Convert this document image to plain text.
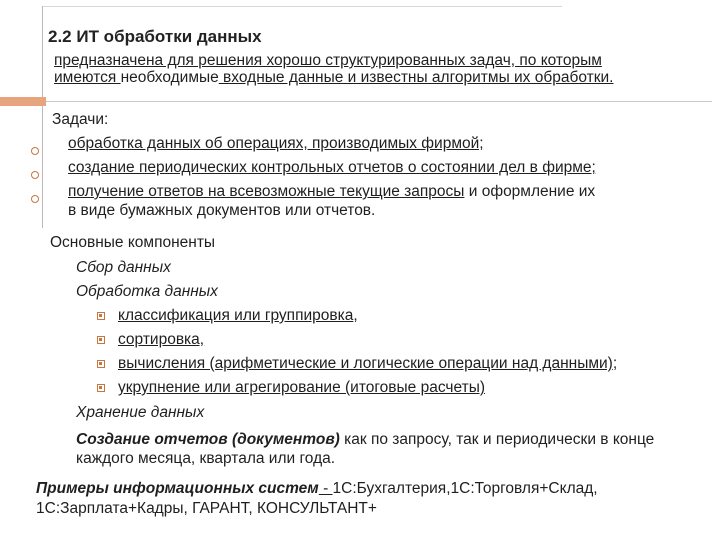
2.2 ИТ обработки данных
предназначена для решения хорошо структурированных задач, по которым
имеются необходимые входные данные и известны алгоритмы их обработки.
Задачи:
обработка данных об операциях, производимых фирмой;
создание периодических контрольных отчетов о состоянии дел в фирме;
получение ответов на всевозможные текущие запросы и оформление их
в виде бумажных документов или отчетов.
Основные компоненты
Сбор данных
Обработка данных
классификация или группировка,
сортировка,
вычисления (арифметические и логические операции над данными);
укрупнение или агрегирование (итоговые расчеты)
Хранение данных
Создание отчетов (документов) как по запросу, так и периодически в конце каждого месяца, квартала или года.
Примеры информационных систем - 1С:Бухгалтерия,1С:Торговля+Склад, 1С:Зарплата+Кадры, ГАРАНТ, КОНСУЛЬТАНТ+
